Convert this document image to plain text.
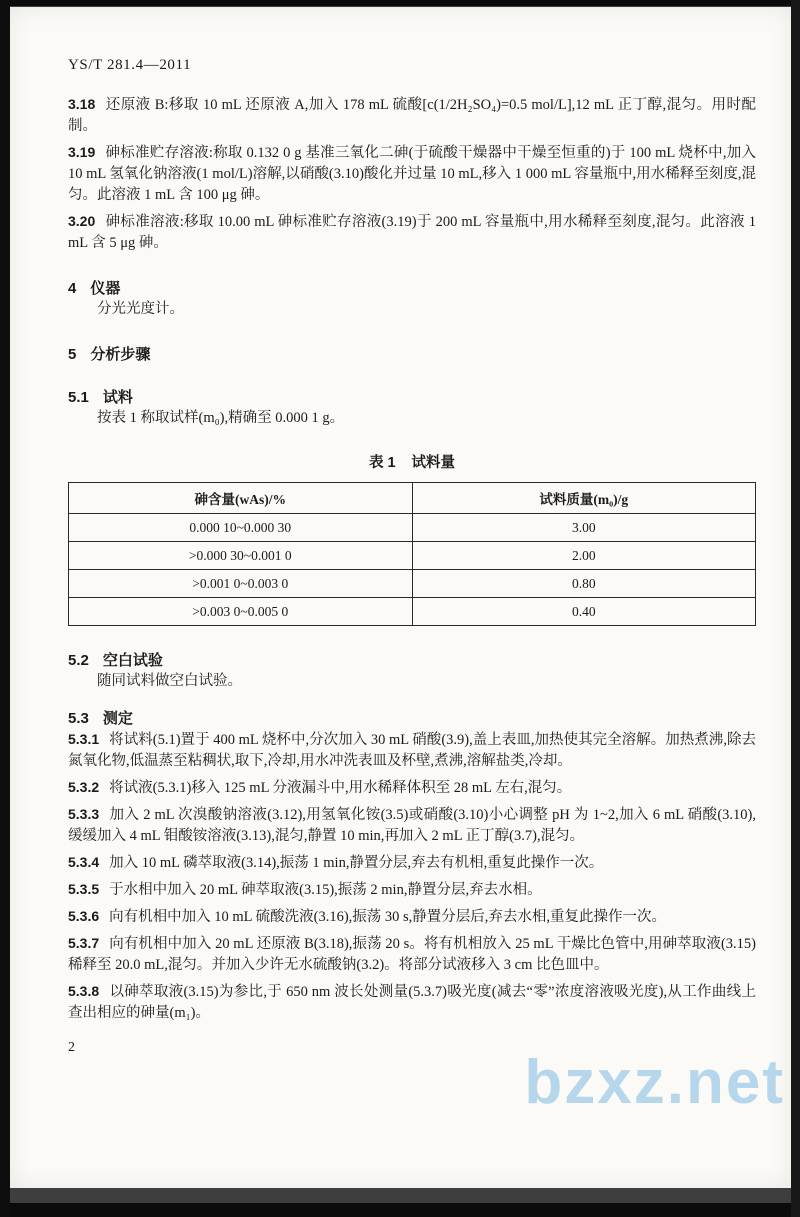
YS/T 281.4—2011

3.18 还原液 B:移取 10 mL 还原液 A,加入 178 mL 硫酸[c(1/2H₂SO₄)=0.5 mol/L],12 mL 正丁醇,混匀。用时配制。

3.19 砷标准贮存溶液:称取 0.132 0 g 基准三氧化二砷(于硫酸干燥器中干燥至恒重的)于 100 mL 烧杯中,加入 10 mL 氢氧化钠溶液(1 mol/L)溶解,以硝酸(3.10)酸化并过量 10 mL,移入 1 000 mL 容量瓶中,用水稀释至刻度,混匀。此溶液 1 mL 含 100 μg 砷。

3.20 砷标准溶液:移取 10.00 mL 砷标准贮存溶液(3.19)于 200 mL 容量瓶中,用水稀释至刻度,混匀。此溶液 1 mL 含 5 μg 砷。

4 仪器

分光光度计。

5 分析步骤

5.1 试料

按表 1 称取试样(m₀),精确至 0.000 1 g。

表 1 试料量
砷含量(wAs)/%	试料质量(m₀)/g
0.000 10~0.000 30	3.00
>0.000 30~0.001 0	2.00
>0.001 0~0.003 0	0.80
>0.003 0~0.005 0	0.40

5.2 空白试验

随同试料做空白试验。

5.3 测定

5.3.1 将试料(5.1)置于 400 mL 烧杯中,分次加入 30 mL 硝酸(3.9),盖上表皿,加热使其完全溶解。加热煮沸,除去氮氧化物,低温蒸至粘稠状,取下,冷却,用水冲洗表皿及杯壁,煮沸,溶解盐类,冷却。

5.3.2 将试液(5.3.1)移入 125 mL 分液漏斗中,用水稀释体积至 28 mL 左右,混匀。

5.3.3 加入 2 mL 次溴酸钠溶液(3.12),用氢氧化铵(3.5)或硝酸(3.10)小心调整 pH 为 1~2,加入 6 mL 硝酸(3.10),缓缓加入 4 mL 钼酸铵溶液(3.13),混匀,静置 10 min,再加入 2 mL 正丁醇(3.7),混匀。

5.3.4 加入 10 mL 磷萃取液(3.14),振荡 1 min,静置分层,弃去有机相,重复此操作一次。

5.3.5 于水相中加入 20 mL 砷萃取液(3.15),振荡 2 min,静置分层,弃去水相。

5.3.6 向有机相中加入 10 mL 硫酸洗液(3.16),振荡 30 s,静置分层后,弃去水相,重复此操作一次。

5.3.7 向有机相中加入 20 mL 还原液 B(3.18),振荡 20 s。将有机相放入 25 mL 干燥比色管中,用砷萃取液(3.15)稀释至 20.0 mL,混匀。并加入少许无水硫酸钠(3.2)。将部分试液移入 3 cm 比色皿中。

5.3.8 以砷萃取液(3.15)为参比,于 650 nm 波长处测量(5.3.7)吸光度(减去“零”浓度溶液吸光度),从工作曲线上查出相应的砷量(m₁)。

2
bzxz.net
